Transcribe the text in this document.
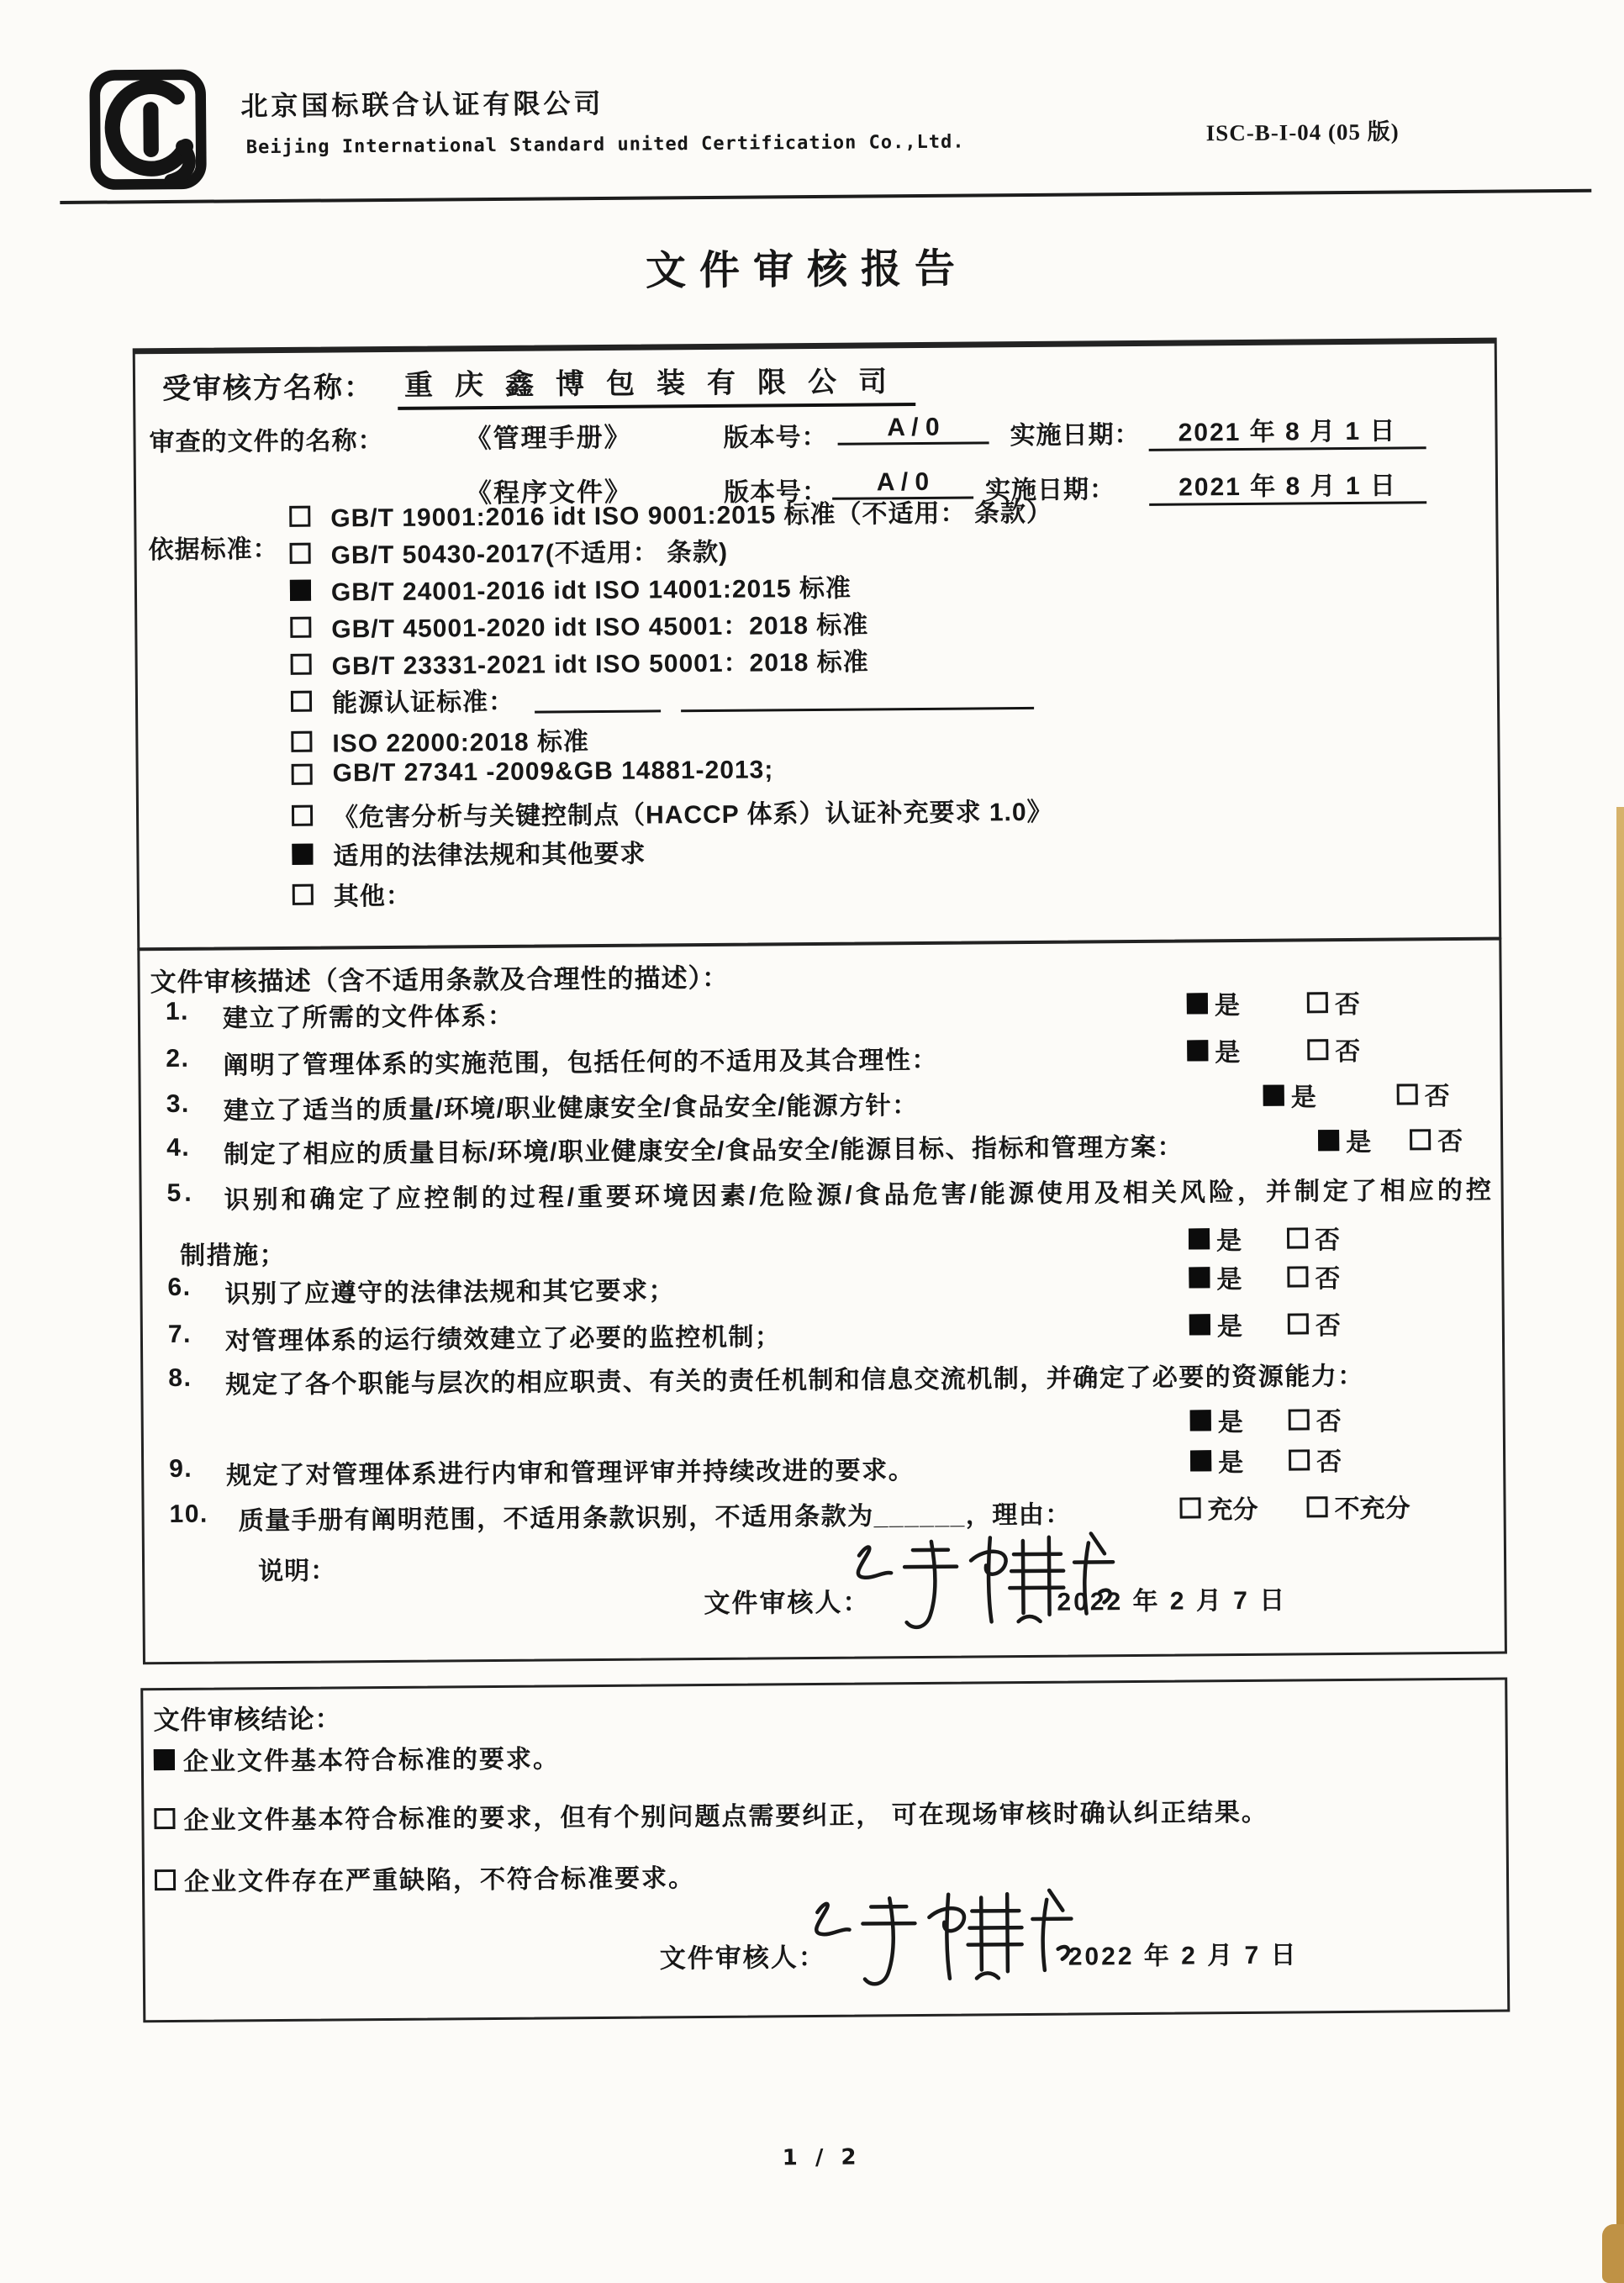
北京国标联合认证有限公司
Beijing International Standard united Certification Co.,Ltd.	ISC-B-I-04 (05 版)
文件审核报告
受审核方名称： 重庆鑫博包装有限公司
审查的文件的名称：	《管理手册》	版本号：	A / 0	实施日期：	2021 年 8 月 1 日
《程序文件》	版本号：	A / 0	实施日期：	2021 年 8 月 1 日
依据标准：
GB/T 19001:2016 idt ISO 9001:2015 标准（不适用： 条款）
GB/T 50430-2017(不适用： 条款)
GB/T 24001-2016 idt ISO 14001:2015 标准
GB/T 45001-2020 idt ISO 45001：2018 标准
GB/T 23331-2021 idt ISO 50001：2018 标准
能源认证标准：
ISO 22000:2018 标准
GB/T 27341 -2009&GB 14881-2013;
《危害分析与关键控制点（HACCP 体系）认证补充要求 1.0》
适用的法律法规和其他要求
其他：
文件审核描述（含不适用条款及合理性的描述）：
1.	建立了所需的文件体系：	是	否
2.	阐明了管理体系的实施范围，包括任何的不适用及其合理性：	是	否
3.	建立了适当的质量/环境/职业健康安全/食品安全/能源方针：	是	否
4.	制定了相应的质量目标/环境/职业健康安全/食品安全/能源目标、指标和管理方案：	是	否
5. 识别和确定了应控制的过程/重要环境因素/危险源/食品危害/能源使用及相关风险，并制定了相应的控
制措施；
是	否
6.	识别了应遵守的法律法规和其它要求；	是	否
7.	对管理体系的运行绩效建立了必要的监控机制；	是	否
8.	规定了各个职能与层次的相应职责、有关的责任机制和信息交流机制，并确定了必要的资源能力：
是	否
9.	规定了对管理体系进行内审和管理评审并持续改进的要求。	是	否
10. 质量手册有阐明范围，不适用条款识别，不适用条款为______，理由：	充分	不充分
说明：
文件审核人：	2022 年 2 月 7 日
文件审核结论：
企业文件基本符合标准的要求。
企业文件基本符合标准的要求，但有个别问题点需要纠正， 可在现场审核时确认纠正结果。
企业文件存在严重缺陷，不符合标准要求。
文件审核人：	2022 年 2 月 7 日
1 / 2
